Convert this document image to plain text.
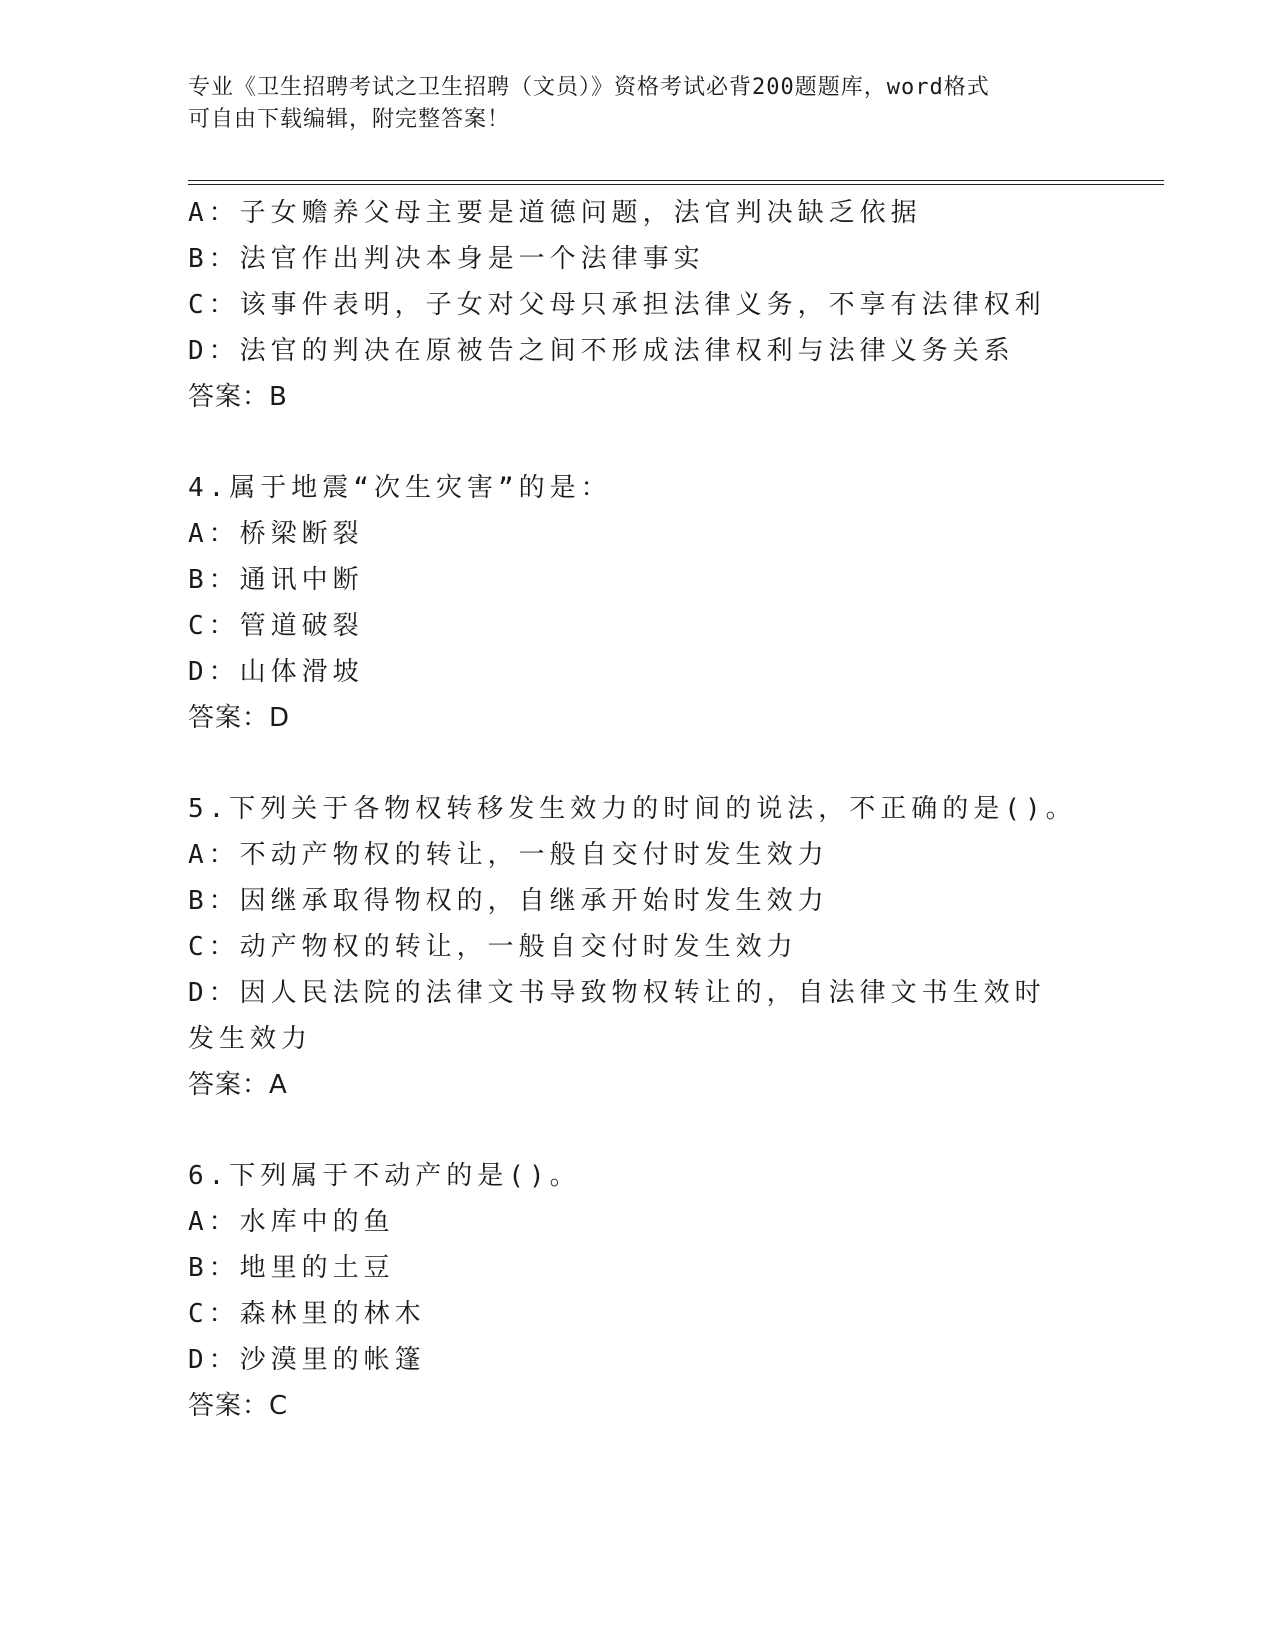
专业《卫生招聘考试之卫生招聘（文员）》资格考试必背200题题库，word格式
可自由下载编辑，附完整答案！
A：子女赡养父母主要是道德问题，法官判决缺乏依据
B：法官作出判决本身是一个法律事实
C：该事件表明，子女对父母只承担法律义务，不享有法律权利
D：法官的判决在原被告之间不形成法律权利与法律义务关系
答案：B
4.属于地震“次生灾害”的是：
A：桥梁断裂
B：通讯中断
C：管道破裂
D：山体滑坡
答案：D
5.下列关于各物权转移发生效力的时间的说法，不正确的是()。
A：不动产物权的转让，一般自交付时发生效力
B：因继承取得物权的，自继承开始时发生效力
C：动产物权的转让，一般自交付时发生效力
D：因人民法院的法律文书导致物权转让的，自法律文书生效时发生效力
答案：A
6.下列属于不动产的是()。
A：水库中的鱼
B：地里的土豆
C：森林里的林木
D：沙漠里的帐篷
答案：C
